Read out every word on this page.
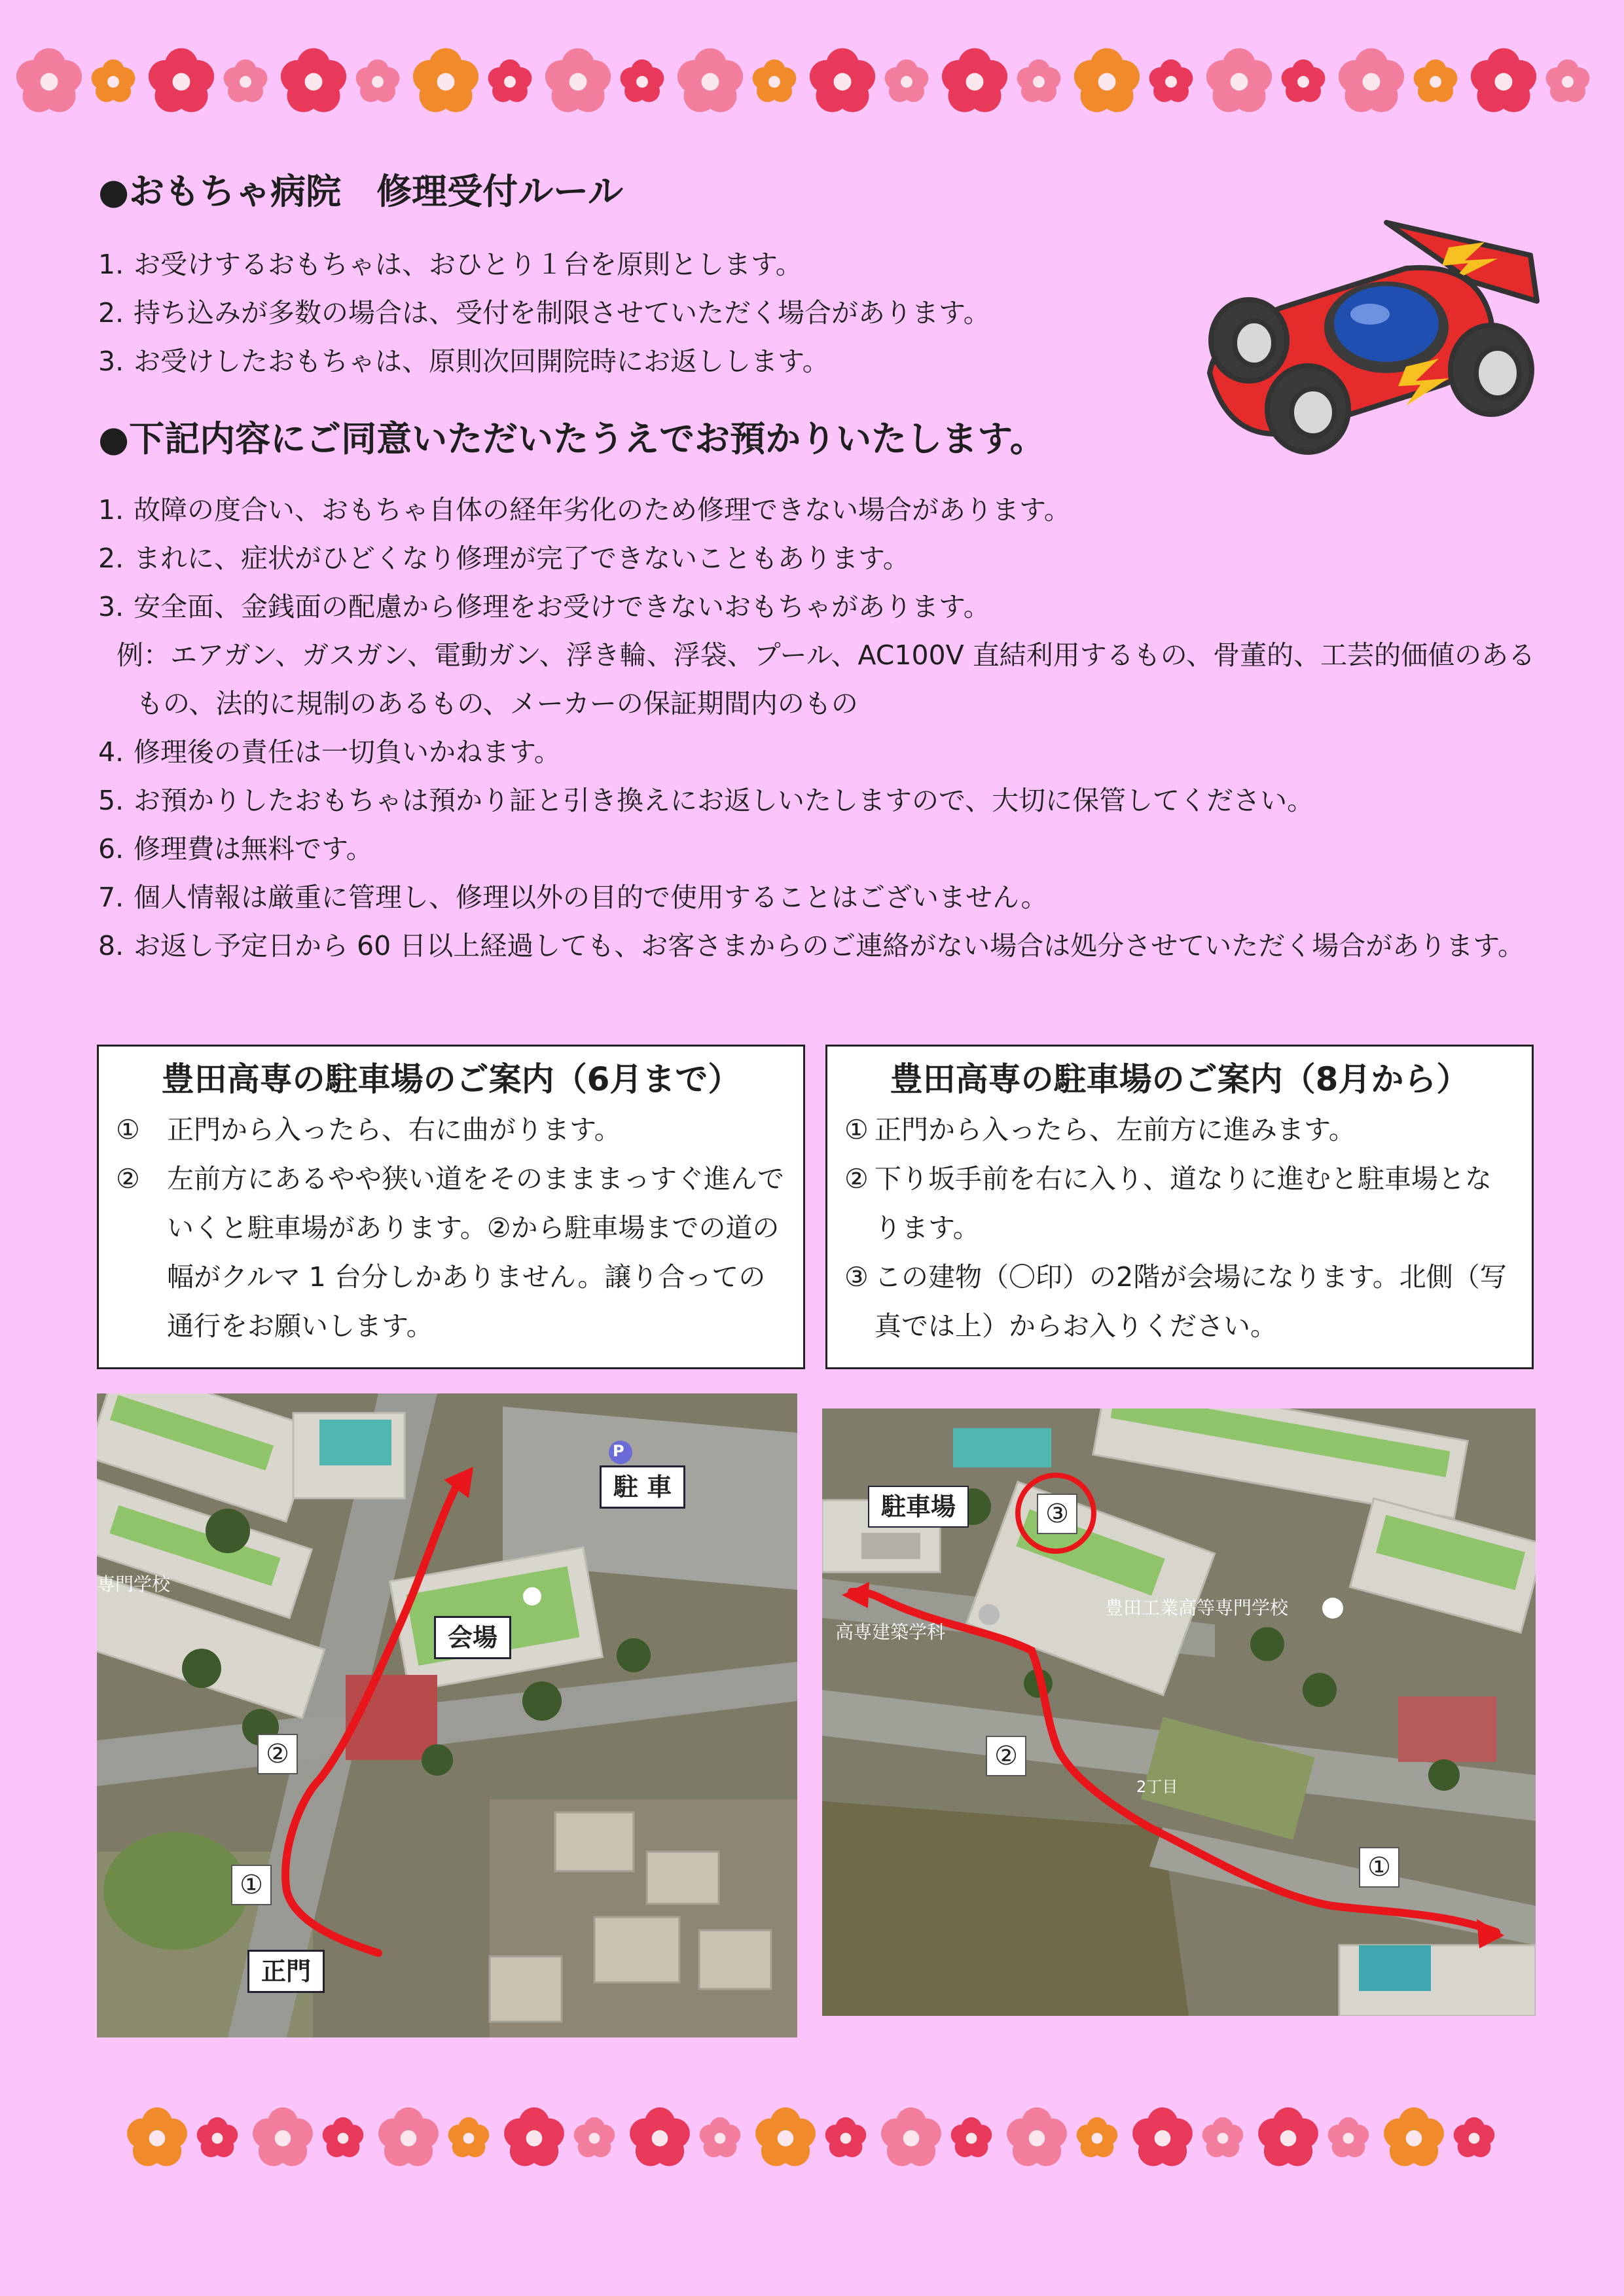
●おもちゃ病院　修理受付ルール
1. お受けするおもちゃは、おひとり１台を原則とします。
2. 持ち込みが多数の場合は、受付を制限させていただく場合があります。
3. お受けしたおもちゃは、原則次回開院時にお返しします。
●下記内容にご同意いただいたうえでお預かりいたします。
1. 故障の度合い、おもちゃ自体の経年劣化のため修理できない場合があります。
2. まれに、症状がひどくなり修理が完了できないこともあります。
3. 安全面、金銭面の配慮から修理をお受けできないおもちゃがあります。
例：エアガン、ガスガン、電動ガン、浮き輪、浮袋、プール、AC100V 直結利用するもの、骨董的、工芸的価値のある
もの、法的に規制のあるもの、メーカーの保証期間内のもの
4. 修理後の責任は一切負いかねます。
5. お預かりしたおもちゃは預かり証と引き換えにお返しいたしますので、大切に保管してください。
6. 修理費は無料です。
7. 個人情報は厳重に管理し、修理以外の目的で使用することはございません。
8. お返し予定日から 60 日以上経過しても、お客さまからのご連絡がない場合は処分させていただく場合があります。
豊田高専の駐車場のご案内（6月まで）
①	正門から入ったら、右に曲がります。
②	左前方にあるやや狭い道をそのまままっすぐ進んでいくと駐車場があります。②から駐車場までの道の幅がクルマ 1 台分しかありません。譲り合っての通行をお願いします。
豊田高専の駐車場のご案内（8月から）
① 正門から入ったら、左前方に進みます。
② 下り坂手前を右に入り、道なりに進むと駐車場となります。
③ この建物（〇印）の2階が会場になります。北側（写真では上）からお入りください。
P
専門学校
駐 車
会場
正門
②
①
豊田工業高等専門学校
高専建築学科
2丁目
駐車場	③
②
①
